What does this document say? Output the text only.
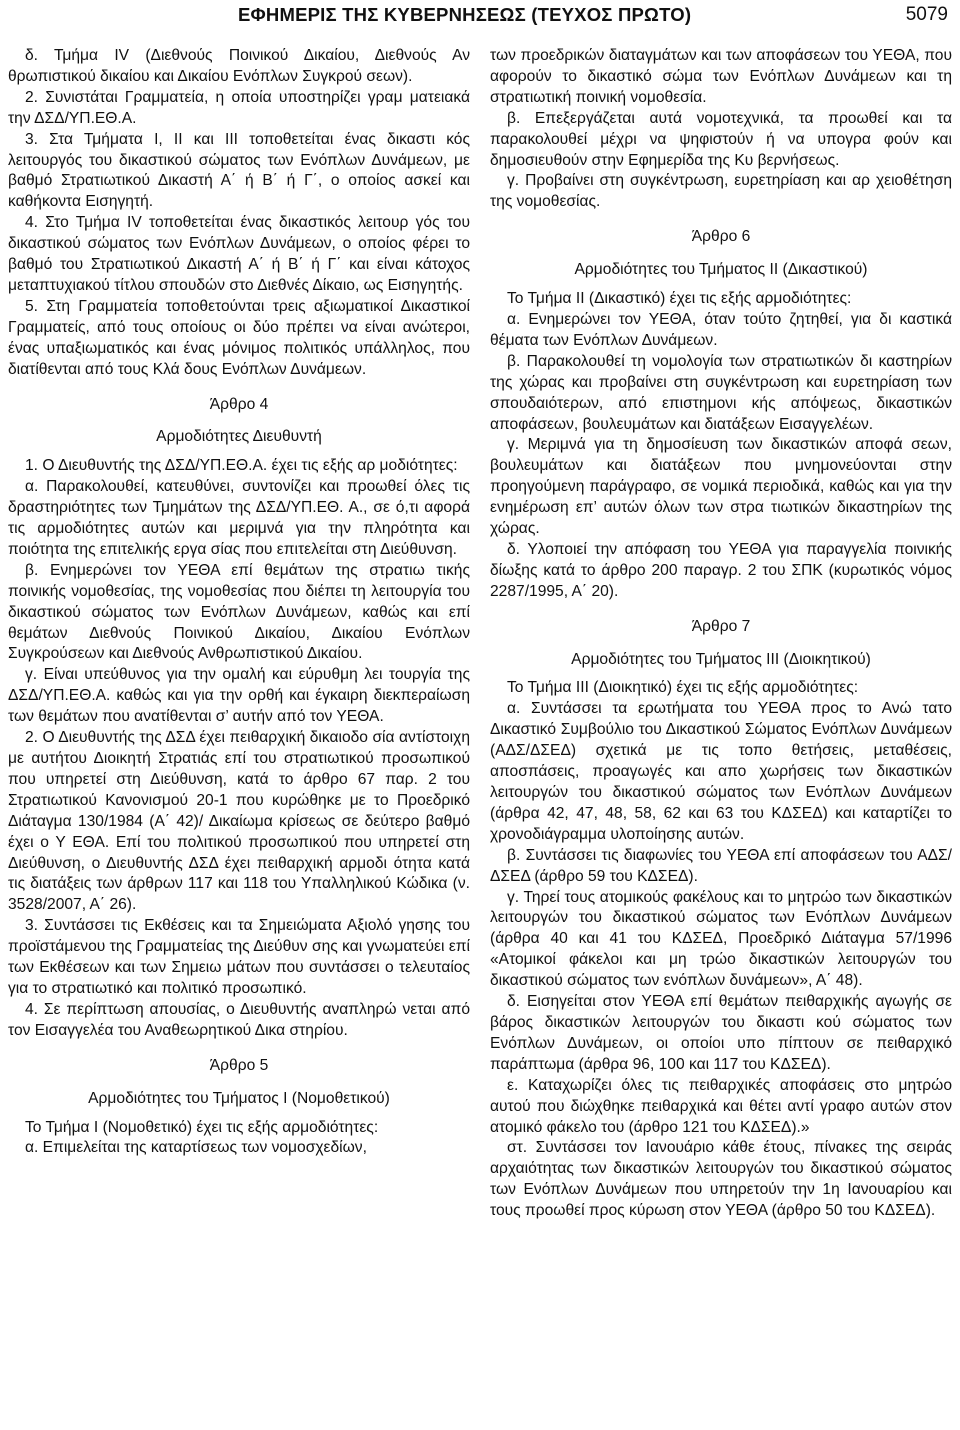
ΕΦΗΜΕΡΙΣ ΤΗΣ ΚΥΒΕΡΝΗΣΕΩΣ (ΤΕΥΧΟΣ ΠΡΩΤΟ)	5079

δ. Τμήμα IV (Διεθνούς Ποινικού Δικαίου, Διεθνούς Αν θρωπιστικού δικαίου και Δικαίου Ενόπλων Συγκρού σεων).

2. Συνιστάται Γραμματεία, η οποία υποστηρίζει γραμ ματειακά την ΔΣΔ/ΥΠ.ΕΘ.Α.

3. Στα Τμήματα I, II και III τοποθετείται ένας δικαστι κός λειτουργός του δικαστικού σώματος των Ενόπλων Δυνάμεων, με βαθμό Στρατιωτικού Δικαστή Α΄ ή Β΄ ή Γ΄, ο οποίος ασκεί και καθήκοντα Εισηγητή.

4. Στο Τμήμα IV τοποθετείται ένας δικαστικός λειτουρ γός του δικαστικού σώματος των Ενόπλων Δυνάμεων, ο οποίος φέρει το βαθμό του Στρατιωτικού Δικαστή Α΄ ή Β΄ ή Γ΄ και είναι κάτοχος μεταπτυχιακού τίτλου σπουδών στο Διεθνές Δίκαιο, ως Εισηγητής.

5. Στη Γραμματεία τοποθετούνται τρεις αξιωματικοί Δικαστικοί Γραμματείς, από τους οποίους οι δύο πρέπει να είναι ανώτεροι, ένας υπαξιωματικός και ένας μόνιμος πολιτικός υπάλληλος, που διατίθενται από τους Κλά δους Ενόπλων Δυνάμεων.

Άρθρο 4
Αρμοδιότητες Διευθυντή

1. Ο Διευθυντής της ΔΣΔ/ΥΠ.ΕΘ.Α. έχει τις εξής αρ μοδιότητες:

α. Παρακολουθεί, κατευθύνει, συντονίζει και προωθεί όλες τις δραστηριότητες των Τμημάτων της ΔΣΔ/ΥΠ.ΕΘ. Α., σε ό,τι αφορά τις αρμοδιότητες αυτών και μεριμνά για την πληρότητα και ποιότητα της επιτελικής εργα σίας που επιτελείται στη Διεύθυνση.

β. Ενημερώνει τον ΥΕΘΑ επί θεμάτων της στρατιω τικής ποινικής νομοθεσίας, της νομοθεσίας που διέπει τη λειτουργία του δικαστικού σώματος των Ενόπλων Δυνάμεων, καθώς και επί θεμάτων Διεθνούς Ποινικού Δικαίου, Δικαίου Ενόπλων Συγκρούσεων και Διεθνούς Ανθρωπιστικού Δικαίου.

γ. Είναι υπεύθυνος για την ομαλή και εύρυθμη λει τουργία της ΔΣΔ/ΥΠ.ΕΘ.Α. καθώς και για την ορθή και έγκαιρη διεκπεραίωση των θεμάτων που ανατίθενται σ’ αυτήν από τον ΥΕΘΑ.

2. Ο Διευθυντής της ΔΣΔ έχει πειθαρχική δικαιοδο σία αντίστοιχη με αυτήτου Διοικητή Στρατιάς επί του στρατιωτικού προσωπικού που υπηρετεί στη Διεύθυνση, κατά το άρθρο 67 παρ. 2 του Στρατιωτικού Κανονισμού 20-1 που κυρώθηκε με το Προεδρικό Διάταγμα 130/1984 (Α΄ 42)/ Δικαίωμα κρίσεως σε δεύτερο βαθμό έχει ο Υ ΕΘΑ. Επί του πολιτικού προσωπικού που υπηρετεί στη Διεύθυνση, ο Διευθυντής ΔΣΔ έχει πειθαρχική αρμοδι ότητα κατά τις διατάξεις των άρθρων 117 και 118 του Υπαλληλικού Κώδικα (ν. 3528/2007, Α΄ 26).

3. Συντάσσει τις Εκθέσεις και τα Σημειώματα Αξιολό γησης του προϊστάμενου της Γραμματείας της Διεύθυν σης και γνωματεύει επί των Εκθέσεων και των Σημειω μάτων που συντάσσει ο τελευταίος για το στρατιωτικό και πολιτικό προσωπικό.

4. Σε περίπτωση απουσίας, ο Διευθυντής αναπληρώ νεται από τον Εισαγγελέα του Αναθεωρητικού Δικα στηρίου.

Άρθρο 5
Αρμοδιότητες του Τμήματος I (Νομοθετικού)

Το Τμήμα I (Νομοθετικό) έχει τις εξής αρμοδιότητες:

α. Επιμελείται της καταρτίσεως των νομοσχεδίων,

των προεδρικών διαταγμάτων και των αποφάσεων του ΥΕΘΑ, που αφορούν το δικαστικό σώμα των Ενόπλων Δυνάμεων και τη στρατιωτική ποινική νομοθεσία.

β. Επεξεργάζεται αυτά νομοτεχνικά, τα προωθεί και τα παρακολουθεί μέχρι να ψηφιστούν ή να υπογρα φούν και δημοσιευθούν στην Εφημερίδα της Κυ βερνήσεως.

γ. Προβαίνει στη συγκέντρωση, ευρετηρίαση και αρ χειοθέτηση της νομοθεσίας.

Άρθρο 6
Αρμοδιότητες του Τμήματος II (Δικαστικού)

Το Τμήμα II (Δικαστικό) έχει τις εξής αρμοδιότητες:

α. Ενημερώνει τον ΥΕΘΑ, όταν τούτο ζητηθεί, για δι καστικά θέματα των Ενόπλων Δυνάμεων.

β. Παρακολουθεί τη νομολογία των στρατιωτικών δι καστηρίων της χώρας και προβαίνει στη συγκέντρωση και ευρετηρίαση των σπουδαιότερων, από επιστημονι κής απόψεως, δικαστικών αποφάσεων, βουλευμάτων και διατάξεων Εισαγγελέων.

γ. Μεριμνά για τη δημοσίευση των δικαστικών αποφά σεων, βουλευμάτων και διατάξεων που μνημονεύονται στην προηγούμενη παράγραφο, σε νομικά περιοδικά, καθώς και για την ενημέρωση επ’ αυτών όλων των στρα τιωτικών δικαστηρίων της χώρας.

δ. Υλοποιεί την απόφαση του ΥΕΘΑ για παραγγελία ποινικής δίωξης κατά το άρθρο 200 παραγρ. 2 του ΣΠΚ (κυρωτικός νόμος 2287/1995, Α΄ 20).

Άρθρο 7
Αρμοδιότητες του Τμήματος III (Διοικητικού)

Το Τμήμα III (Διοικητικό) έχει τις εξής αρμοδιότητες:

α. Συντάσσει τα ερωτήματα του ΥΕΘΑ προς το Ανώ τατο Δικαστικό Συμβούλιο του Δικαστικού Σώματος Ενόπλων Δυνάμεων (ΑΔΣ/ΔΣΕΔ) σχετικά με τις τοπο θετήσεις, μεταθέσεις, αποσπάσεις, προαγωγές και απο χωρήσεις των δικαστικών λειτουργών του δικαστικού σώματος των Ενόπλων Δυνάμεων (άρθρα 42, 47, 48, 58, 62 και 63 του ΚΔΣΕΔ) και καταρτίζει το χρονοδιάγραμμα υλοποίησης αυτών.

β. Συντάσσει τις διαφωνίες του ΥΕΘΑ επί αποφάσεων του ΑΔΣ/ΔΣΕΔ (άρθρο 59 του ΚΔΣΕΔ).

γ. Τηρεί τους ατομικούς φακέλους και το μητρώο των δικαστικών λειτουργών του δικαστικού σώματος των Ενόπλων Δυνάμεων (άρθρα 40 και 41 του ΚΔΣΕΔ, Προεδρικό Διάταγμα 57/1996 «Ατομικοί φάκελοι και μη τρώο δικαστικών λειτουργών του δικαστικού σώματος των ενόπλων δυνάμεων», Α΄ 48).

δ. Εισηγείται στον ΥΕΘΑ επί θεμάτων πειθαρχικής αγωγής σε βάρος δικαστικών λειτουργών του δικαστι κού σώματος των Ενόπλων Δυνάμεων, οι οποίοι υπο πίπτουν σε πειθαρχικό παράπτωμα (άρθρα 96, 100 και 117 του ΚΔΣΕΔ).

ε. Καταχωρίζει όλες τις πειθαρχικές αποφάσεις στο μητρώο αυτού που διώχθηκε πειθαρχικά και θέτει αντί γραφο αυτών στον ατομικό φάκελο του (άρθρο 121 του ΚΔΣΕΔ).»

στ. Συντάσσει τον Ιανουάριο κάθε έτους, πίνακες της σειράς αρχαιότητας των δικαστικών λειτουργών του δικαστικού σώματος των Ενόπλων Δυνάμεων που υπηρετούν την 1η Ιανουαρίου και τους προωθεί προς κύρωση στον ΥΕΘΑ (άρθρο 50 του ΚΔΣΕΔ).
